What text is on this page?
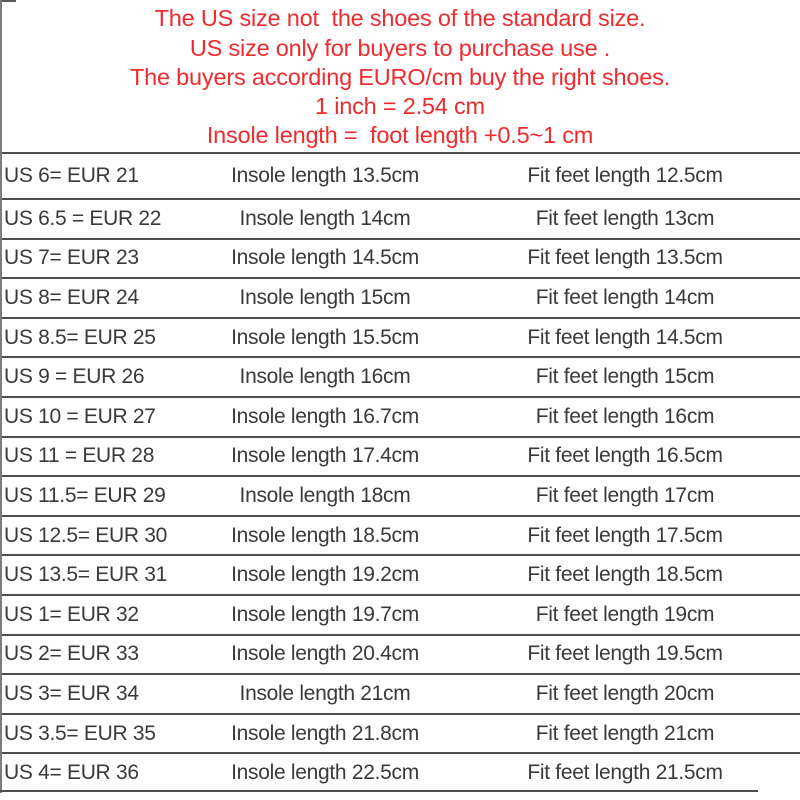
The US size not  the shoes of the standard size.
US size only for buyers to purchase use .
The buyers according EURO/cm buy the right shoes.
1 inch = 2.54 cm
Insole length =  foot length +0.5~1 cm
US 6= EUR 21	Insole length 13.5cm	Fit feet length 12.5cm
US 6.5 = EUR 22	Insole length 14cm	Fit feet length 13cm
US 7= EUR 23	Insole length 14.5cm	Fit feet length 13.5cm
US 8= EUR 24	Insole length 15cm	Fit feet length 14cm
US 8.5= EUR 25	Insole length 15.5cm	Fit feet length 14.5cm
US 9 = EUR 26	Insole length 16cm	Fit feet length 15cm
US 10 = EUR 27	Insole length 16.7cm	Fit feet length 16cm
US 11 = EUR 28	Insole length 17.4cm	Fit feet length 16.5cm
US 11.5= EUR 29	Insole length 18cm	Fit feet length 17cm
US 12.5= EUR 30	Insole length 18.5cm	Fit feet length 17.5cm
US 13.5= EUR 31	Insole length 19.2cm	Fit feet length 18.5cm
US 1= EUR 32	Insole length 19.7cm	Fit feet length 19cm
US 2= EUR 33	Insole length 20.4cm	Fit feet length 19.5cm
US 3= EUR 34	Insole length 21cm	Fit feet length 20cm
US 3.5= EUR 35	Insole length 21.8cm	Fit feet length 21cm
US 4= EUR 36	Insole length 22.5cm	Fit feet length 21.5cm
